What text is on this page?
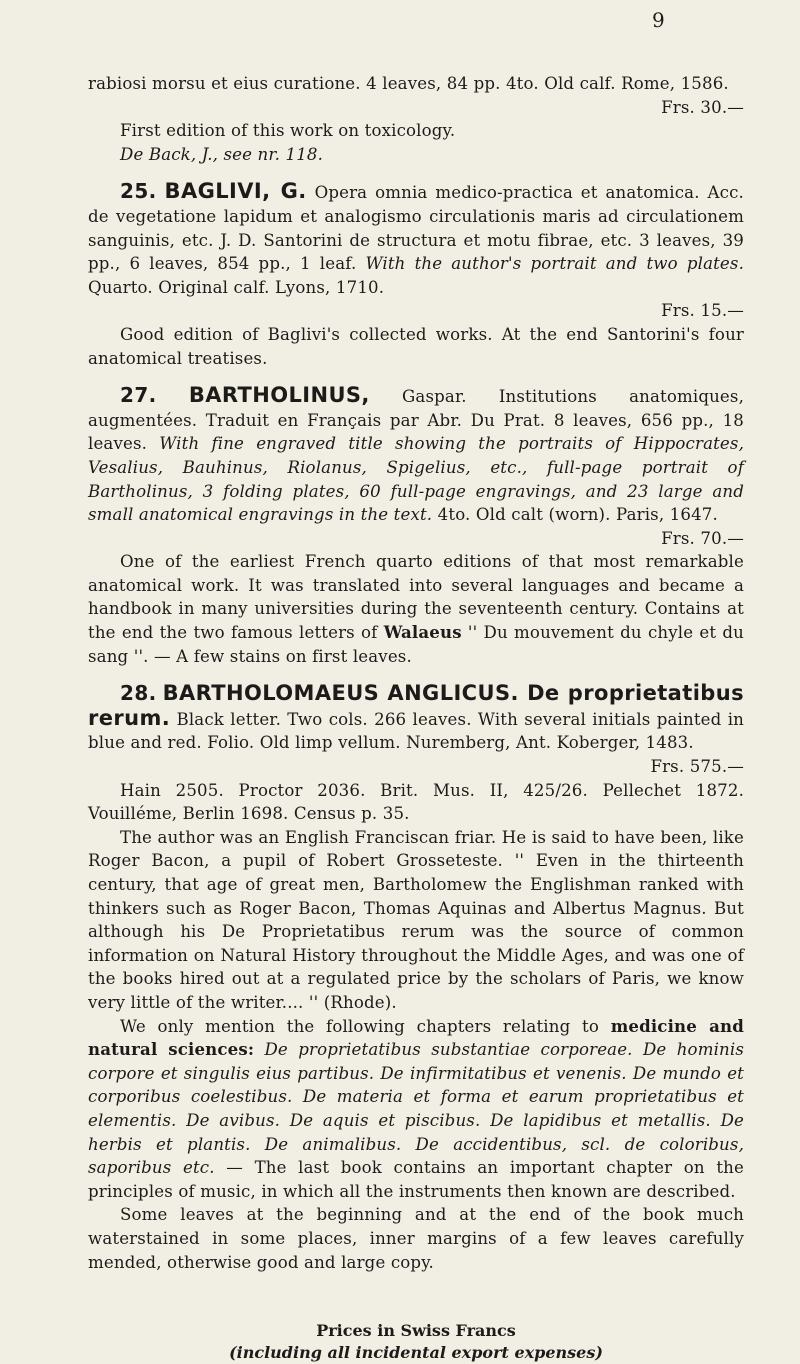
9

rabiosi morsu et eius curatione. 4 leaves, 84 pp. 4to. Old calf. Rome, 1586.
Frs. 30.—

First edition of this work on toxicology.

De Back, J., see nr. 118.

25. BAGLIVI, G. Opera omnia medico-practica et anatomica. Acc. de vegetatione lapidum et analogismo circulationis maris ad circulationem sanguinis, etc. J. D. Santorini de structura et motu fibrae, etc. 3 leaves, 39 pp., 6 leaves, 854 pp., 1 leaf. With the author's portrait and two plates. Quarto. Original calf. Lyons, 1710.
Frs. 15.—

Good edition of Baglivi's collected works. At the end Santorini's four anatomical treatises.

27. BARTHOLINUS, Gaspar. Institutions anatomiques, augmentées. Traduit en Français par Abr. Du Prat. 8 leaves, 656 pp., 18 leaves. With fine engraved title showing the portraits of Hippocrates, Vesalius, Bauhinus, Riolanus, Spigelius, etc., full-page portrait of Bartholinus, 3 folding plates, 60 full-page engravings, and 23 large and small anatomical engravings in the text. 4to. Old calt (worn). Paris, 1647.
Frs. 70.—

One of the earliest French quarto editions of that most remarkable anatomical work. It was translated into several languages and became a handbook in many universities during the seventeenth century. Contains at the end the two famous letters of Walaeus '' Du mouvement du chyle et du sang ''. — A few stains on first leaves.

28. BARTHOLOMAEUS ANGLICUS. De proprietatibus rerum. Black letter. Two cols. 266 leaves. With several initials painted in blue and red. Folio. Old limp vellum. Nuremberg, Ant. Koberger, 1483.
Frs. 575.—

Hain 2505. Proctor 2036. Brit. Mus. II, 425/26. Pellechet 1872. Vouilléme, Berlin 1698. Census p. 35.

The author was an English Franciscan friar. He is said to have been, like Roger Bacon, a pupil of Robert Grosseteste. '' Even in the thirteenth century, that age of great men, Bartholomew the Englishman ranked with thinkers such as Roger Bacon, Thomas Aquinas and Albertus Magnus. But although his De Proprietatibus rerum was the source of common information on Natural History throughout the Middle Ages, and was one of the books hired out at a regulated price by the scholars of Paris, we know very little of the writer.... '' (Rhode).

We only mention the following chapters relating to medicine and natural sciences: De proprietatibus substantiae corporeae. De hominis corpore et singulis eius partibus. De infirmitatibus et venenis. De mundo et corporibus coelestibus. De materia et forma et earum proprietatibus et elementis. De avibus. De aquis et piscibus. De lapidibus et metallis. De herbis et plantis. De animalibus. De accidentibus, scl. de coloribus, saporibus etc. — The last book contains an important chapter on the principles of music, in which all the instruments then known are described.

Some leaves at the beginning and at the end of the book much waterstained in some places, inner margins of a few leaves carefully mended, otherwise good and large copy.

Prices in Swiss Francs
(including all incidental export expenses)
